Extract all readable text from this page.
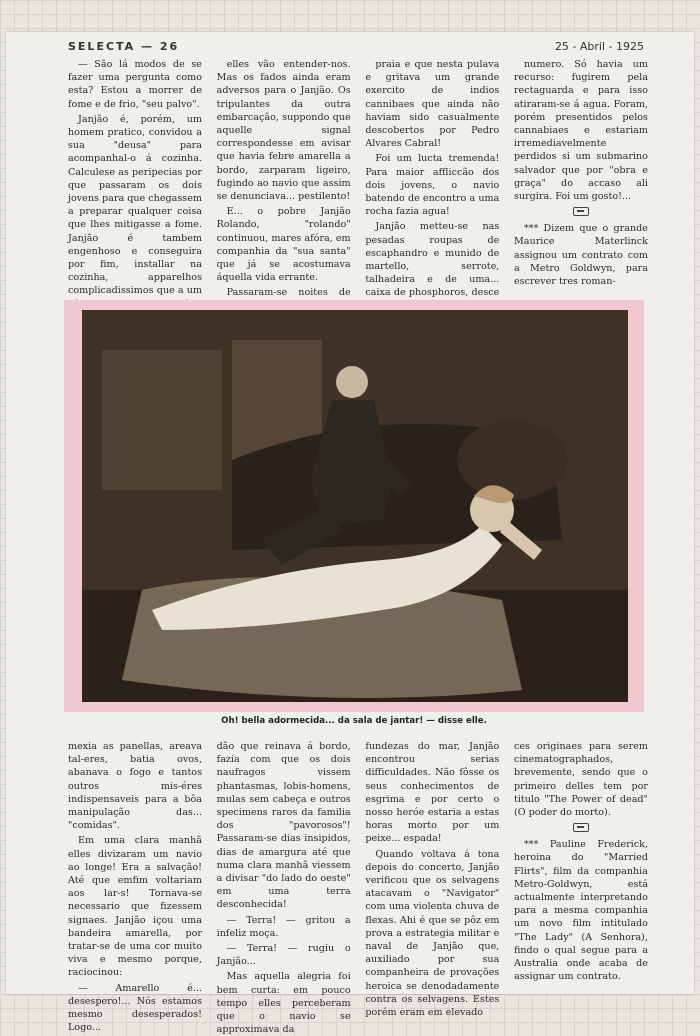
SELECTA — 26	25 - Abril - 1925

— São lá modos de se fazer uma pergunta como esta? Estou a morrer de fome e de frio, "seu palvo".

Janjão é, porém, um homem pratico, convidou a sua "deusa" para acompanhal-o á cozinha. Calculese as peripecias por que passaram os dois jovens para que chegassem a preparar qualquer coisa que lhes mitigasse a fome. Janjão é tambem engenhoso e conseguira por fim, installar na cozinha, apparelhos complicadissimos que a um

elles vão entender-nos. Mas os fados ainda eram adversos para o Janjão. Os tripulantes da outra embarcação, suppondo que aquelle signal correspondesse em avisar que havia febre amarella a bordo, zarparam ligeiro, fugindo ao navio que assim se denunciava... pestilento!

E... o pobre Janjão Rolando, "rolando" continuou, mares afóra, em companhia da "sua santa" que já se acostumava áquella vida errante.

Passaram-se noites de

praia e que nesta pulava e gritava um grande exercito de indios cannibaes que ainda não haviam sido casualmente descobertos por Pedro Alvares Cabral!

Foi um lucta tremenda! Para maior affliccão dos dois jovens, o navio batendo de encontro a uma rocha fazia agua!

Janjão metteu-se nas pesadas roupas de escaphandro e munido de martello, serrote, talhadeira e de uma... caixa de phosphoros, desce

numero. Só havia um recurso: fugirem pela rectaguarda e para isso atiraram-se á agua. Foram, porém presentidos pelos cannabiaes e estariam irremediavelmente perdidos si um submarino salvador que por "obra e graça" do accaso ali surgira. Foi um gosto!...

*** Dizem que o grande Maurice Materlinck assignou um contrato com a Metro Goldwyn, para escrever tres roman-

Oh! bella adormecida... da sala de jantar! — disse elle.

mexia as panellas, areava tal-eres, batia ovos, abanava o fogo e tantos outros mis-éres indispensaveis para a bôa manipulação das... "comidas".

Em uma clara manhã elles divizaram um navio ao longe! Era a salvação! Até que emfim voltariam aos lar-s! Tornava-se necessario que fizessem signaes. Janjão içou uma bandeira amarella, por tratar-se de uma cor muito viva e mesmo porque, raciocinou:

— Amarello é... desespero!... Nós estamos mesmo desesperados! Logo...

dão que reinava á bordo, fazia com que os dois naufragos vissem phantasmas, lobis-homens, mulas sem cabeça e outros specimens raros da familia dos "pavorosos"! Passaram-se dias insipidos, dias de amargura até que numa clara manhã viessem a divisar "do lado do oeste" em uma terra desconhecida!

— Terra! — gritou a infeliz moça.

— Terra! — rugiu o Janjão...

Mas aquella alegria foi bem curta: em pouco tempo elles perceberam que o navio se approximava da

fundezas do mar, Janjão encontrou serias difficuldades. Não fôsse os seus conhecimentos de esgrima e por certo o nosso heróe estaria a estas horas morto por um peixe... espada!

Quando voltava á tona depois do concerto, Janjão verificou que os selvagens atacavam o "Navigator" com uma violenta chuva de flexas. Ahi é que se pôz em prova a estrategia militar e naval de Janjão que, auxiliado por sua companheira de provações heroica se denodadamente contra os selvagens. Estes porém eram em elevado

ces originaes para serem cinematographados, brevemente, sendo que o primeiro delles tem por titulo "The Power of dead" (O poder do morto).

*** Pauline Frederick, heroina do "Married Flirts", film da companhia Metro-Goldwyn, está actualmente interpretando para a mesma companhia um novo film intitulado "The Lady" (A Senhora), findo o qual segue para a Australia onde acaba de assignar um contrato.
